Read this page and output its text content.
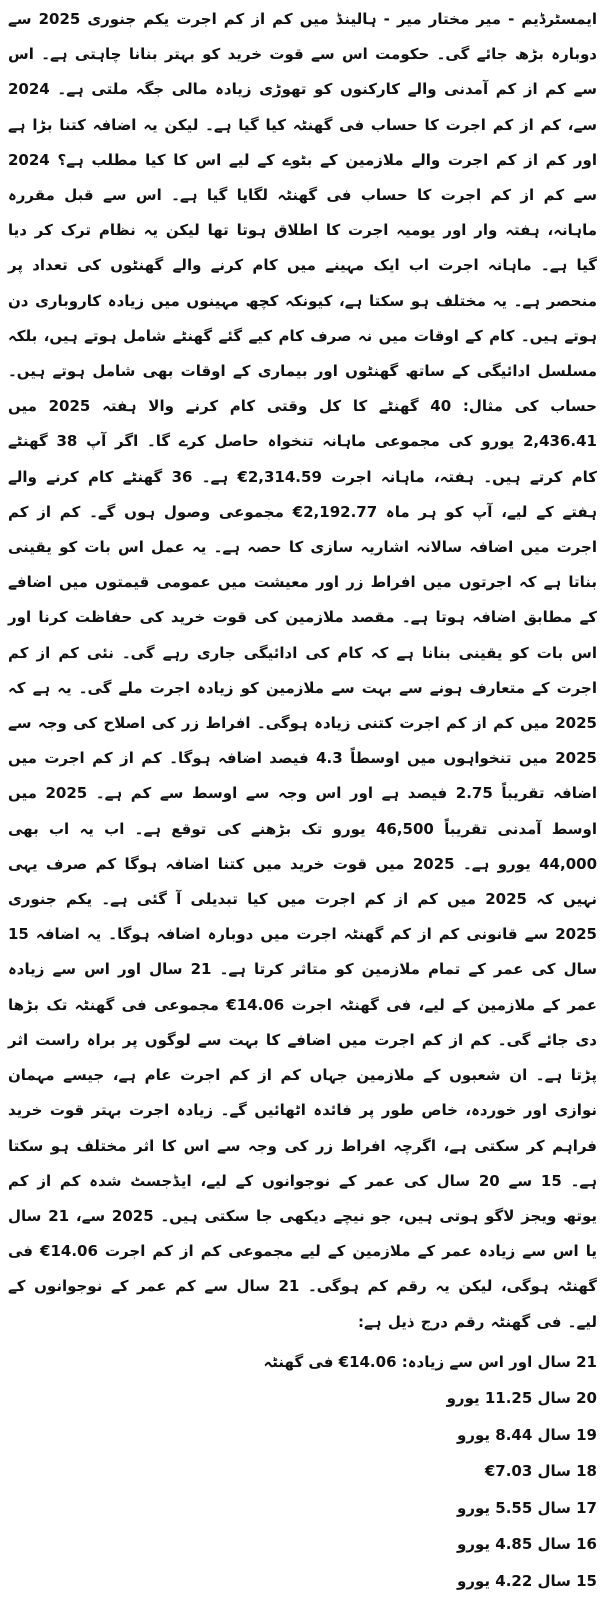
ایمسٹرڈیم - میر مختار میر - ہالینڈ میں کم از کم اجرت یکم جنوری 2025 سے دوبارہ بڑھ جائے گی۔ حکومت اس سے قوت خرید کو بہتر بنانا چاہتی ہے۔ اس سے کم از کم آمدنی والے کارکنوں کو تھوڑی زیادہ مالی جگہ ملتی ہے۔ 2024 سے، کم از کم اجرت کا حساب فی گھنٹہ کیا گیا ہے۔ لیکن یہ اضافہ کتنا بڑا ہے اور کم از کم اجرت والے ملازمین کے بٹوے کے لیے اس کا کیا مطلب ہے؟ 2024 سے کم از کم اجرت کا حساب فی گھنٹہ لگایا گیا ہے۔ اس سے قبل مقررہ ماہانہ، ہفتہ وار اور یومیہ اجرت کا اطلاق ہوتا تھا لیکن یہ نظام ترک کر دیا گیا ہے۔ ماہانہ اجرت اب ایک مہینے میں کام کرنے والے گھنٹوں کی تعداد پر منحصر ہے۔ یہ مختلف ہو سکتا ہے، کیونکہ کچھ مہینوں میں زیادہ کاروباری دن ہوتے ہیں۔ کام کے اوقات میں نہ صرف کام کیے گئے گھنٹے شامل ہوتے ہیں، بلکہ مسلسل ادائیگی کے ساتھ گھنٹوں اور بیماری کے اوقات بھی شامل ہوتے ہیں۔ حساب کی مثال: 40 گھنٹے کا کل وقتی کام کرنے والا ہفتہ 2025 میں 2,436.41 یورو کی مجموعی ماہانہ تنخواہ حاصل کرے گا۔ اگر آپ 38 گھنٹے کام کرتے ہیں۔ ہفتہ، ماہانہ اجرت 2,314.59€ ہے۔ 36 گھنٹے کام کرنے والے ہفتے کے لیے، آپ کو ہر ماہ 2,192.77€ مجموعی وصول ہوں گے۔ کم از کم اجرت میں اضافہ سالانہ اشاریہ سازی کا حصہ ہے۔ یہ عمل اس بات کو یقینی بناتا ہے کہ اجرتوں میں افراط زر اور معیشت میں عمومی قیمتوں میں اضافے کے مطابق اضافہ ہوتا ہے۔ مقصد ملازمین کی قوت خرید کی حفاظت کرنا اور اس بات کو یقینی بنانا ہے کہ کام کی ادائیگی جاری رہے گی۔ نئی کم از کم اجرت کے متعارف ہونے سے بہت سے ملازمین کو زیادہ اجرت ملے گی۔ یہ ہے کہ 2025 میں کم از کم اجرت کتنی زیادہ ہوگی۔ افراط زر کی اصلاح کی وجہ سے 2025 میں تنخواہوں میں اوسطاً 4.3 فیصد اضافہ ہوگا۔ کم از کم اجرت میں اضافہ تقریباً 2.75 فیصد ہے اور اس وجہ سے اوسط سے کم ہے۔ 2025 میں اوسط آمدنی تقریباً 46,500 یورو تک بڑھنے کی توقع ہے۔ اب یہ اب بھی 44,000 یورو ہے۔ 2025 میں قوت خرید میں کتنا اضافہ ہوگا کم صرف یہی نہیں کہ 2025 میں کم از کم اجرت میں کیا تبدیلی آ گئی ہے۔ یکم جنوری 2025 سے قانونی کم از کم گھنٹہ اجرت میں دوبارہ اضافہ ہوگا۔ یہ اضافہ 15 سال کی عمر کے تمام ملازمین کو متاثر کرتا ہے۔ 21 سال اور اس سے زیادہ عمر کے ملازمین کے لیے، فی گھنٹہ اجرت 14.06€ مجموعی فی گھنٹہ تک بڑھا دی جائے گی۔ کم از کم اجرت میں اضافے کا بہت سے لوگوں پر براہ راست اثر پڑتا ہے۔ ان شعبوں کے ملازمین جہاں کم از کم اجرت عام ہے، جیسے مہمان نوازی اور خوردہ، خاص طور پر فائدہ اٹھائیں گے۔ زیادہ اجرت بہتر قوت خرید فراہم کر سکتی ہے، اگرچہ افراط زر کی وجہ سے اس کا اثر مختلف ہو سکتا ہے۔ 15 سے 20 سال کی عمر کے نوجوانوں کے لیے، ایڈجسٹ شدہ کم از کم یوتھ ویجز لاگو ہوتی ہیں، جو نیچے دیکھی جا سکتی ہیں۔ 2025 سے، 21 سال یا اس سے زیادہ عمر کے ملازمین کے لیے مجموعی کم از کم اجرت 14.06€ فی گھنٹہ ہوگی، لیکن یہ رقم کم ہوگی۔ 21 سال سے کم عمر کے نوجوانوں کے لیے۔ فی گھنٹہ رقم درج ذیل ہے:

21 سال اور اس سے زیادہ: 14.06€ فی گھنٹہ
20 سال 11.25 یورو
19 سال 8.44 یورو
18 سال 7.03€
17 سال 5.55 یورو
16 سال 4.85 یورو
15 سال 4.22 یورو
